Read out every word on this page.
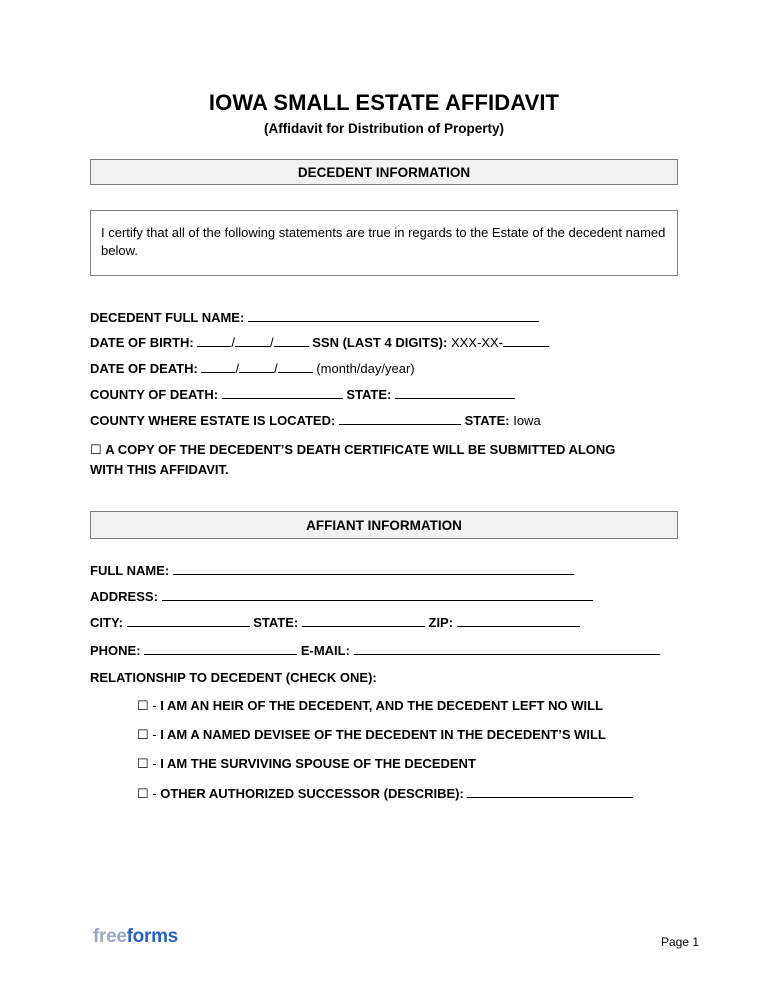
IOWA SMALL ESTATE AFFIDAVIT
(Affidavit for Distribution of Property)
DECEDENT INFORMATION
I certify that all of the following statements are true in regards to the Estate of the decedent named below.
DECEDENT FULL NAME:
DATE OF BIRTH:	/	/	SSN (LAST 4 DIGITS): XXX-XX-
DATE OF DEATH:	/	/	(month/day/year)
COUNTY OF DEATH:	STATE:
COUNTY WHERE ESTATE IS LOCATED:	STATE: Iowa
☐ A COPY OF THE DECEDENT’S DEATH CERTIFICATE WILL BE SUBMITTED ALONG
WITH THIS AFFIDAVIT.
AFFIANT INFORMATION
FULL NAME:
ADDRESS:
CITY:	STATE:	ZIP:
PHONE:	E-MAIL:
RELATIONSHIP TO DECEDENT (CHECK ONE):
☐ - I AM AN HEIR OF THE DECEDENT, AND THE DECEDENT LEFT NO WILL
☐ - I AM A NAMED DEVISEE OF THE DECEDENT IN THE DECEDENT’S WILL
☐ - I AM THE SURVIVING SPOUSE OF THE DECEDENT
☐ - OTHER AUTHORIZED SUCCESSOR (DESCRIBE):
freeforms	Page 1
